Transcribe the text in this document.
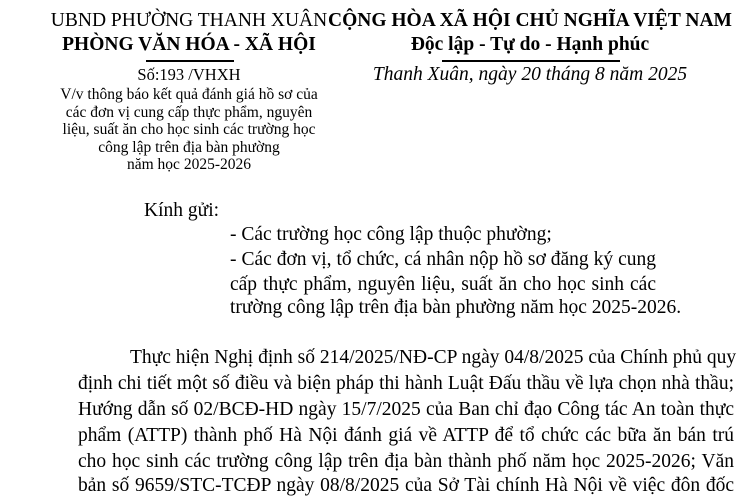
UBND PHƯỜNG THANH XUÂN
PHÒNG VĂN HÓA - XÃ HỘI
Số:193 /VHXH
V/v thông báo kết quả đánh giá hồ sơ của
các đơn vị cung cấp thực phẩm, nguyên
liệu, suất ăn cho học sinh các trường học
công lập trên địa bàn phường
năm học 2025-2026
CỘNG HÒA XÃ HỘI CHỦ NGHĨA VIỆT NAM
Độc lập - Tự do - Hạnh phúc
Thanh Xuân, ngày 20 tháng 8 năm 2025
Kính gửi:
- Các trường học công lập thuộc phường;
- Các đơn vị, tổ chức, cá nhân nộp hồ sơ đăng ký cung
cấp thực phẩm, nguyên liệu, suất ăn cho học sinh các
trường công lập trên địa bàn phường năm học 2025-2026.
Thực hiện Nghị định số 214/2025/NĐ-CP ngày 04/8/2025 của Chính phủ quy
định chi tiết một số điều và biện pháp thi hành Luật Đấu thầu về lựa chọn nhà thầu;
Hướng dẫn số 02/BCĐ-HD ngày 15/7/2025 của Ban chỉ đạo Công tác An toàn thực
phẩm (ATTP) thành phố Hà Nội đánh giá về ATTP để tổ chức các bữa ăn bán trú
cho học sinh các trường công lập trên địa bàn thành phố năm học 2025-2026; Văn
bản số 9659/STC-TCĐP ngày 08/8/2025 của Sở Tài chính Hà Nội về việc đôn đốc
